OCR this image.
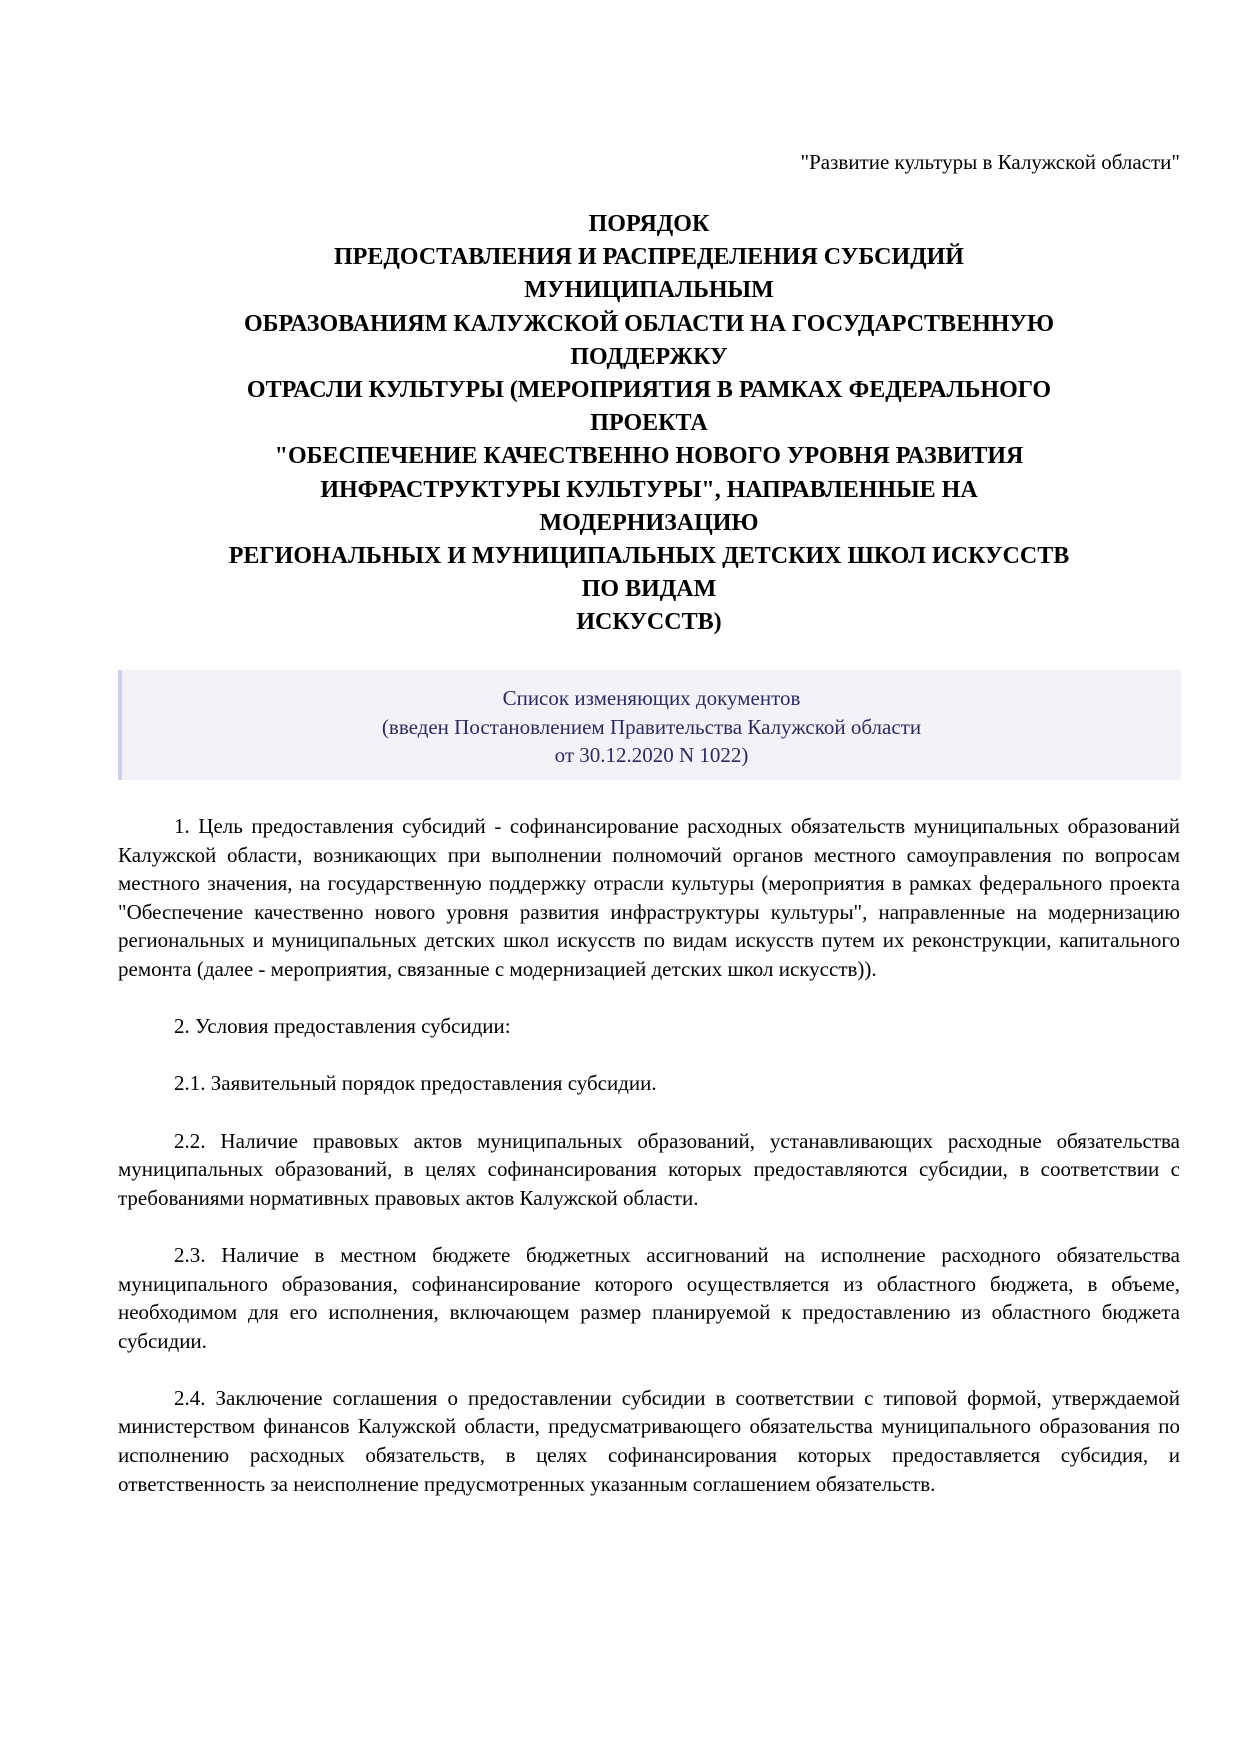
"Развитие культуры в Калужской области"
ПОРЯДОК
ПРЕДОСТАВЛЕНИЯ И РАСПРЕДЕЛЕНИЯ СУБСИДИЙ
МУНИЦИПАЛЬНЫМ
ОБРАЗОВАНИЯМ КАЛУЖСКОЙ ОБЛАСТИ НА ГОСУДАРСТВЕННУЮ
ПОДДЕРЖКУ
ОТРАСЛИ КУЛЬТУРЫ (МЕРОПРИЯТИЯ В РАМКАХ ФЕДЕРАЛЬНОГО
ПРОЕКТА
"ОБЕСПЕЧЕНИЕ КАЧЕСТВЕННО НОВОГО УРОВНЯ РАЗВИТИЯ
ИНФРАСТРУКТУРЫ КУЛЬТУРЫ", НАПРАВЛЕННЫЕ НА
МОДЕРНИЗАЦИЮ
РЕГИОНАЛЬНЫХ И МУНИЦИПАЛЬНЫХ ДЕТСКИХ ШКОЛ ИСКУССТВ
ПО ВИДАМ
ИСКУССТВ)
Список изменяющих документов
(введен Постановлением Правительства Калужской области
от 30.12.2020 N 1022)

1. Цель предоставления субсидий - софинансирование расходных обязательств муниципальных образований Калужской области, возникающих при выполнении полномочий органов местного самоуправления по вопросам местного значения, на государственную поддержку отрасли культуры (мероприятия в рамках федерального проекта "Обеспечение качественно нового уровня развития инфраструктуры культуры", направленные на модернизацию региональных и муниципальных детских школ искусств по видам искусств путем их реконструкции, капитального ремонта (далее - мероприятия, связанные с модернизацией детских школ искусств)).

2. Условия предоставления субсидии:

2.1. Заявительный порядок предоставления субсидии.

2.2. Наличие правовых актов муниципальных образований, устанавливающих расходные обязательства муниципальных образований, в целях софинансирования которых предоставляются субсидии, в соответствии с требованиями нормативных правовых актов Калужской области.

2.3. Наличие в местном бюджете бюджетных ассигнований на исполнение расходного обязательства муниципального образования, софинансирование которого осуществляется из областного бюджета, в объеме, необходимом для его исполнения, включающем размер планируемой к предоставлению из областного бюджета субсидии.

2.4. Заключение соглашения о предоставлении субсидии в соответствии с типовой формой, утверждаемой министерством финансов Калужской области, предусматривающего обязательства муниципального образования по исполнению расходных обязательств, в целях софинансирования которых предоставляется субсидия, и ответственность за неисполнение предусмотренных указанным соглашением обязательств.
